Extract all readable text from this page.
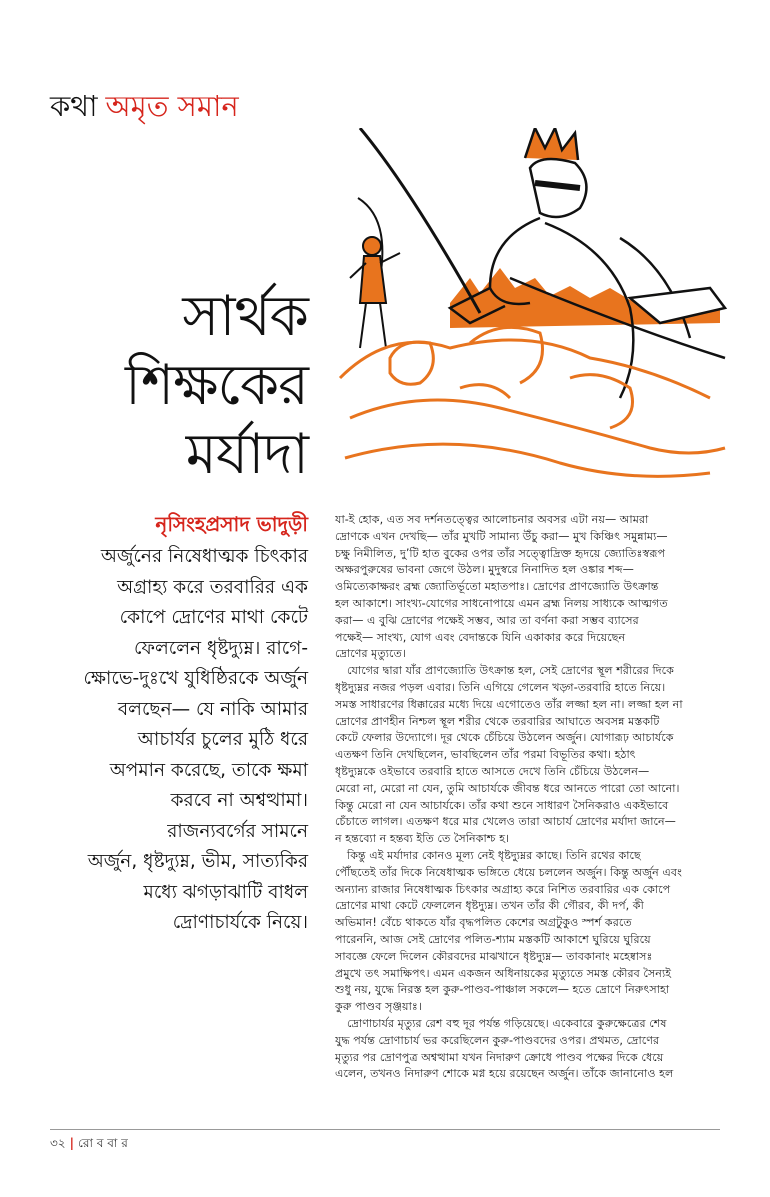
কথা অমৃত সমান
সার্থক
শিক্ষকের
মর্যাদা
নৃসিংহপ্রসাদ ভাদুড়ী
অর্জুনের নিষেধাত্মক চিৎকার
অগ্রাহ্য করে তরবারির এক
কোপে দ্রোণের মাথা কেটে
ফেললেন ধৃষ্টদ্যুম্ন। রাগে-
ক্ষোভে-দুঃখে যুধিষ্ঠিরকে অর্জুন
বলছেন— যে নাকি আমার
আচার্যর চুলের মুঠি ধরে
অপমান করেছে, তাকে ক্ষমা
করবে না অশ্বত্থামা।
রাজন্যবর্গের সামনে
অর্জুন, ধৃষ্টদ্যুম্ন, ভীম, সাত্যকির
মধ্যে ঝগড়াঝাটি বাধল
দ্রোণাচার্যকে নিয়ে।
যা-ই হোক, এত সব দর্শনতত্ত্বের আলোচনার অবসর এটা নয়— আমরা
দ্রোণকে এখন দেখছি— তাঁর মুখটি সামান্য উঁচু করা— মুখ কিঞ্চিৎ সমুন্নাম্য—
চক্ষু নিমীলিত, দু’টি হাত বুকের ওপর তাঁর সত্ত্বোদ্রিক্ত হৃদয়ে জ্যোতিঃস্বরূপ
অক্ষরপুরুষের ভাবনা জেগে উঠল। মুদুস্বরে নিনাদিত হল ওঙ্কার শব্দ—
ওমিত্যেকাক্ষরং ব্রহ্ম জ্যোতির্ভূতো মহাতপাঃ। দ্রোণের প্রাণজ্যোতি উৎক্রান্ত
হল আকাশে। সাংখ্য-যোগের সাধনোপায়ে এমন ব্রহ্ম নিলয় সাধ্যকে আত্মগত
করা— এ বুঝি দ্রোণের পক্ষেই সম্ভব, আর তা বর্ণনা করা সম্ভব ব্যাসের
পক্ষেই— সাংখ্য, যোগ এবং বেদান্তকে যিনি একাকার করে দিয়েছেন
দ্রোণের মৃত্যুতে।
যোগের দ্বারা যাঁর প্রাণজ্যোতি উৎক্রান্ত হল, সেই দ্রোণের স্থূল শরীরের দিকে
ধৃষ্টদ্যুম্নর নজর পড়ল এবার। তিনি এগিয়ে গেলেন খড়্গ-তরবারি হাতে নিয়ে।
সমস্ত সাধারণের ধিক্কারের মধ্যে দিয়ে এগোতেও তাঁর লজ্জা হল না। লজ্জা হল না
দ্রোণের প্রাণহীন নিশ্চল স্থূল শরীর থেকে তরবারির আঘাতে অবসন্ন মস্তকটি
কেটে ফেলার উদ্যোগে। দূর থেকে চেঁচিয়ে উঠলেন অর্জুন। যোগারূঢ় আচার্যকে
এতক্ষণ তিনি দেখছিলেন, ভাবছিলেন তাঁর পরমা বিভূতির কথা। হঠাৎ
ধৃষ্টদ্যুম্নকে ওইভাবে তরবারি হাতে আসতে দেখে তিনি চেঁচিয়ে উঠলেন—
মেরো না, মেরো না যেন, তুমি আচার্যকে জীবন্ত ধরে আনতে পারো তো আনো।
কিন্তু মেরো না যেন আচার্যকে। তাঁর কথা শুনে সাধারণ সৈনিকরাও একইভাবে
চেঁচাতে লাগল। এতক্ষণ ধরে মার খেলেও তারা আচার্য দ্রোণের মর্যাদা জানে—
ন হন্তব্যো ন হন্তব্য ইতি তে সৈনিকাশ্চ হ।
কিন্তু এই মর্যাদার কোনও মূল্য নেই ধৃষ্টদ্যুম্নর কাছে। তিনি রথের কাছে
পৌঁছতেই তাঁর দিকে নিষেধাত্মক ভঙ্গিতে ধেয়ে চললেন অর্জুন। কিন্তু অর্জুন এবং
অন্যান্য রাজার নিষেধাত্মক চিৎকার অগ্রাহ্য করে নিশিত তরবারির এক কোপে
দ্রোণের মাথা কেটে ফেললেন ধৃষ্টদ্যুম্ন। তখন তাঁর কী গৌরব, কী দর্প, কী
অভিমান! বেঁচে থাকতে যাঁর বৃদ্ধপলিত কেশের অগ্রটুকুও স্পর্শ করতে
পারেননি, আজ সেই দ্রোণের পলিত-শ্যাম মস্তকটি আকাশে ঘুরিয়ে ঘুরিয়ে
সাবজ্ঞে ফেলে দিলেন কৌরবদের মাঝখানে ধৃষ্টদ্যুম্ন— তাবকানাং মহেষ্বাসঃ
প্রমুখে তৎ সমাক্ষিপৎ। এমন একজন অধিনায়কের মৃত্যুতে সমস্ত কৌরব সৈন্যই
শুধু নয়, যুদ্ধে নিরস্ত হল কুরু-পাণ্ডব-পাঞ্চাল সকলে— হতে দ্রোণে নিরুৎসাহা
কুরু পাণ্ডব সৃঞ্জয়াঃ।
দ্রোণাচার্যর মৃত্যুর রেশ বহু দূর পর্যন্ত গড়িয়েছে। একেবারে কুরুক্ষেত্রের শেষ
যুদ্ধ পর্যন্ত দ্রোণাচার্য ভর করেছিলেন কুরু-পাণ্ডবদের ওপর। প্রথমত, দ্রোণের
মৃত্যুর পর দ্রোণপুত্র অশ্বত্থামা যখন নিদারুণ ক্রোধে পাণ্ডব পক্ষের দিকে ধেয়ে
এলেন, তখনও নিদারুণ শোকে মগ্ন হয়ে রয়েছেন অর্জুন। তাঁকে জানানোও হল
৩২ | রো ব বা র
